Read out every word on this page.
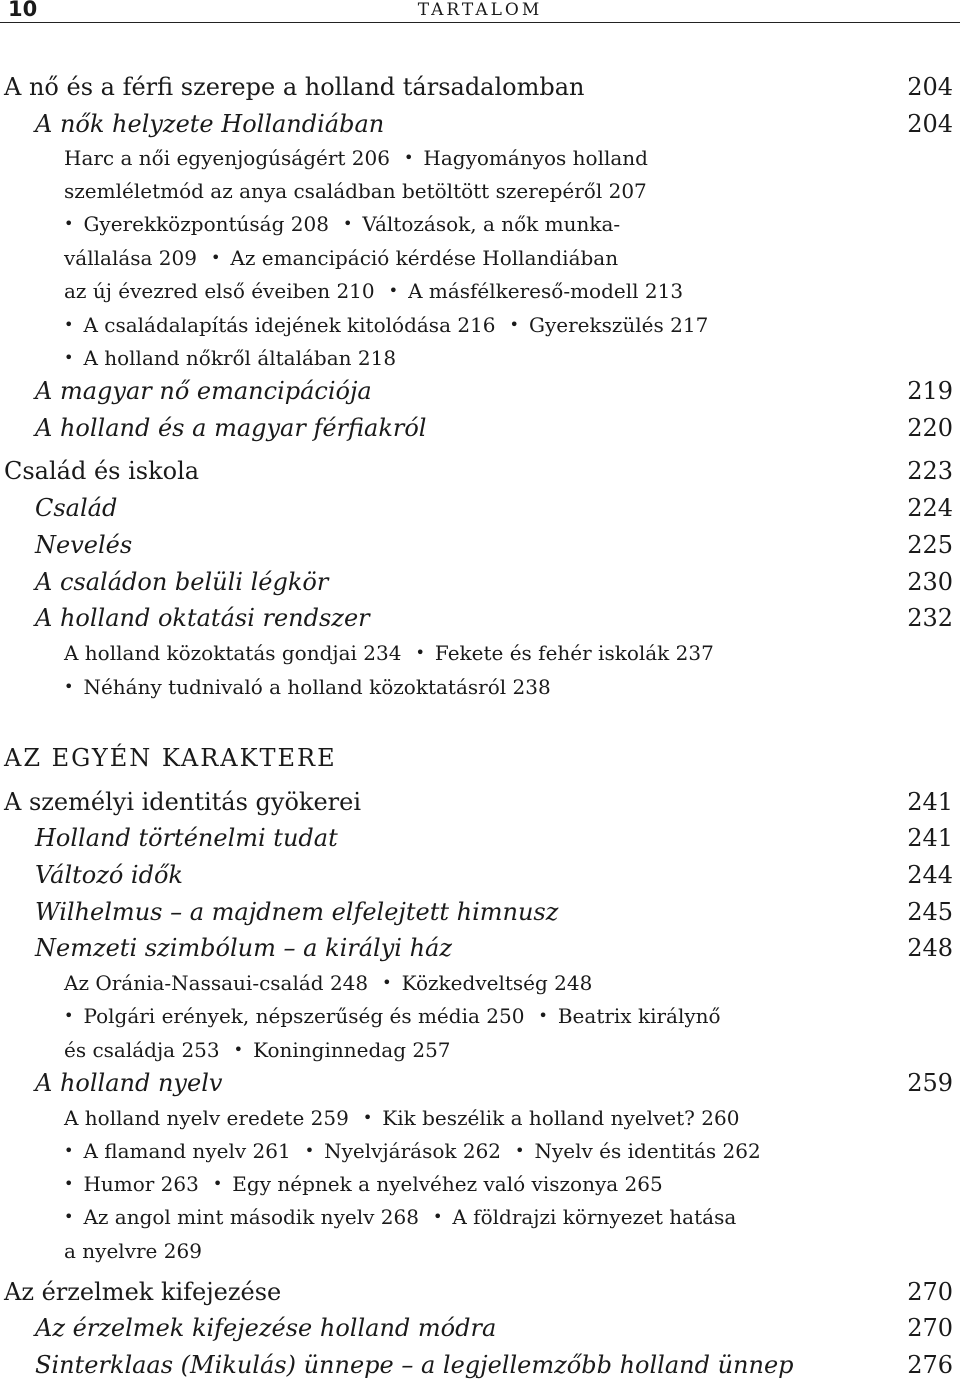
10	TARTALOM
A nő és a férfi szerepe a holland társadalomban	204
A nők helyzete Hollandiában	204
Harc a női egyenjogúságért 206 • Hagyományos holland
szemléletmód az anya családban betöltött szerepéről 207
• Gyerekközpontúság 208 • Változások, a nők munka-
vállalása 209 • Az emancipáció kérdése Hollandiában
az új évezred első éveiben 210 • A másfélkereső-modell 213
• A családalapítás idejének kitolódása 216 • Gyerekszülés 217
• A holland nőkről általában 218
A magyar nő emancipációja	219
A holland és a magyar férfiakról	220
Család és iskola	223
Család	224
Nevelés	225
A családon belüli légkör	230
A holland oktatási rendszer	232
A holland közoktatás gondjai 234 • Fekete és fehér iskolák 237
• Néhány tudnivaló a holland közoktatásról 238
AZ EGYÉN KARAKTERE
A személyi identitás gyökerei	241
Holland történelmi tudat	241
Változó idők	244
Wilhelmus – a majdnem elfelejtett himnusz	245
Nemzeti szimbólum – a királyi ház	248
Az Oránia-Nassaui-család 248 • Közkedveltség 248
• Polgári erények, népszerűség és média 250 • Beatrix királynő
és családja 253 • Koninginnedag 257
A holland nyelv	259
A holland nyelv eredete 259 • Kik beszélik a holland nyelvet? 260
• A flamand nyelv 261 • Nyelvjárások 262 • Nyelv és identitás 262
• Humor 263 • Egy népnek a nyelvéhez való viszonya 265
• Az angol mint második nyelv 268 • A földrajzi környezet hatása
a nyelvre 269
Az érzelmek kifejezése	270
Az érzelmek kifejezése holland módra	270
Sinterklaas (Mikulás) ünnepe – a legjellemzőbb holland ünnep	276
